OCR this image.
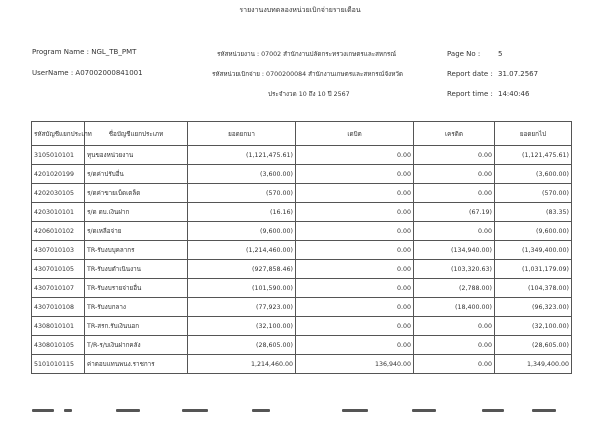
รายงานงบทดลองหน่วยเบิกจ่ายรายเดือน
Program Name : NGL_TB_PMT
UserName : A07002000841001
รหัสหน่วยงาน : 07002 สำนักงานปลัดกระทรวงเกษตรและสหกรณ์
รหัสหน่วยเบิกจ่าย : 0700200084 สำนักงานเกษตรและสหกรณ์จังหวัด
ประจำงวด 10 ถึง 10 ปี 2567
Page No :	5
Report date : 31.07.2567
Report time : 14:40:46
รหัสบัญชีแยกประเภท	ชื่อบัญชีแยกประเภท	ยอดยกมา	เดบิต	เครดิต	ยอดยกไป
3105010101	ทุนของหน่วยงาน	(1,121,475.61)	0.00	0.00	(1,121,475.61)
4201020199	ร/ดค่าปรับอื่น	(3,600.00)	0.00	0.00	(3,600.00)
4202030105	ร/ดค่าขายเบ็ดเตล็ด	(570.00)	0.00	0.00	(570.00)
4203010101	ร/ด ดบ.เงินฝาก	(16.16)	0.00	(67.19)	(83.35)
4206010102	ร/ดเหลือจ่าย	(9,600.00)	0.00	0.00	(9,600.00)
4307010103	TR-รับงบบุคลากร	(1,214,460.00)	0.00	(134,940.00)	(1,349,400.00)
4307010105	TR-รับงบดำเนินงาน	(927,858.46)	0.00	(103,320.63)	(1,031,179.09)
4307010107	TR-รับงบรายจ่ายอื่น	(101,590.00)	0.00	(2,788.00)	(104,378.00)
4307010108	TR-รับงบกลาง	(77,923.00)	0.00	(18,400.00)	(96,323.00)
4308010101	TR-สรก.รับเงินนอก	(32,100.00)	0.00	0.00	(32,100.00)
4308010105	T/R-ร/บเงินฝากคลัง	(28,605.00)	0.00	0.00	(28,605.00)
5101010115	ค่าตอบแทนพนง.ราชการ	1,214,460.00	136,940.00	0.00	1,349,400.00
